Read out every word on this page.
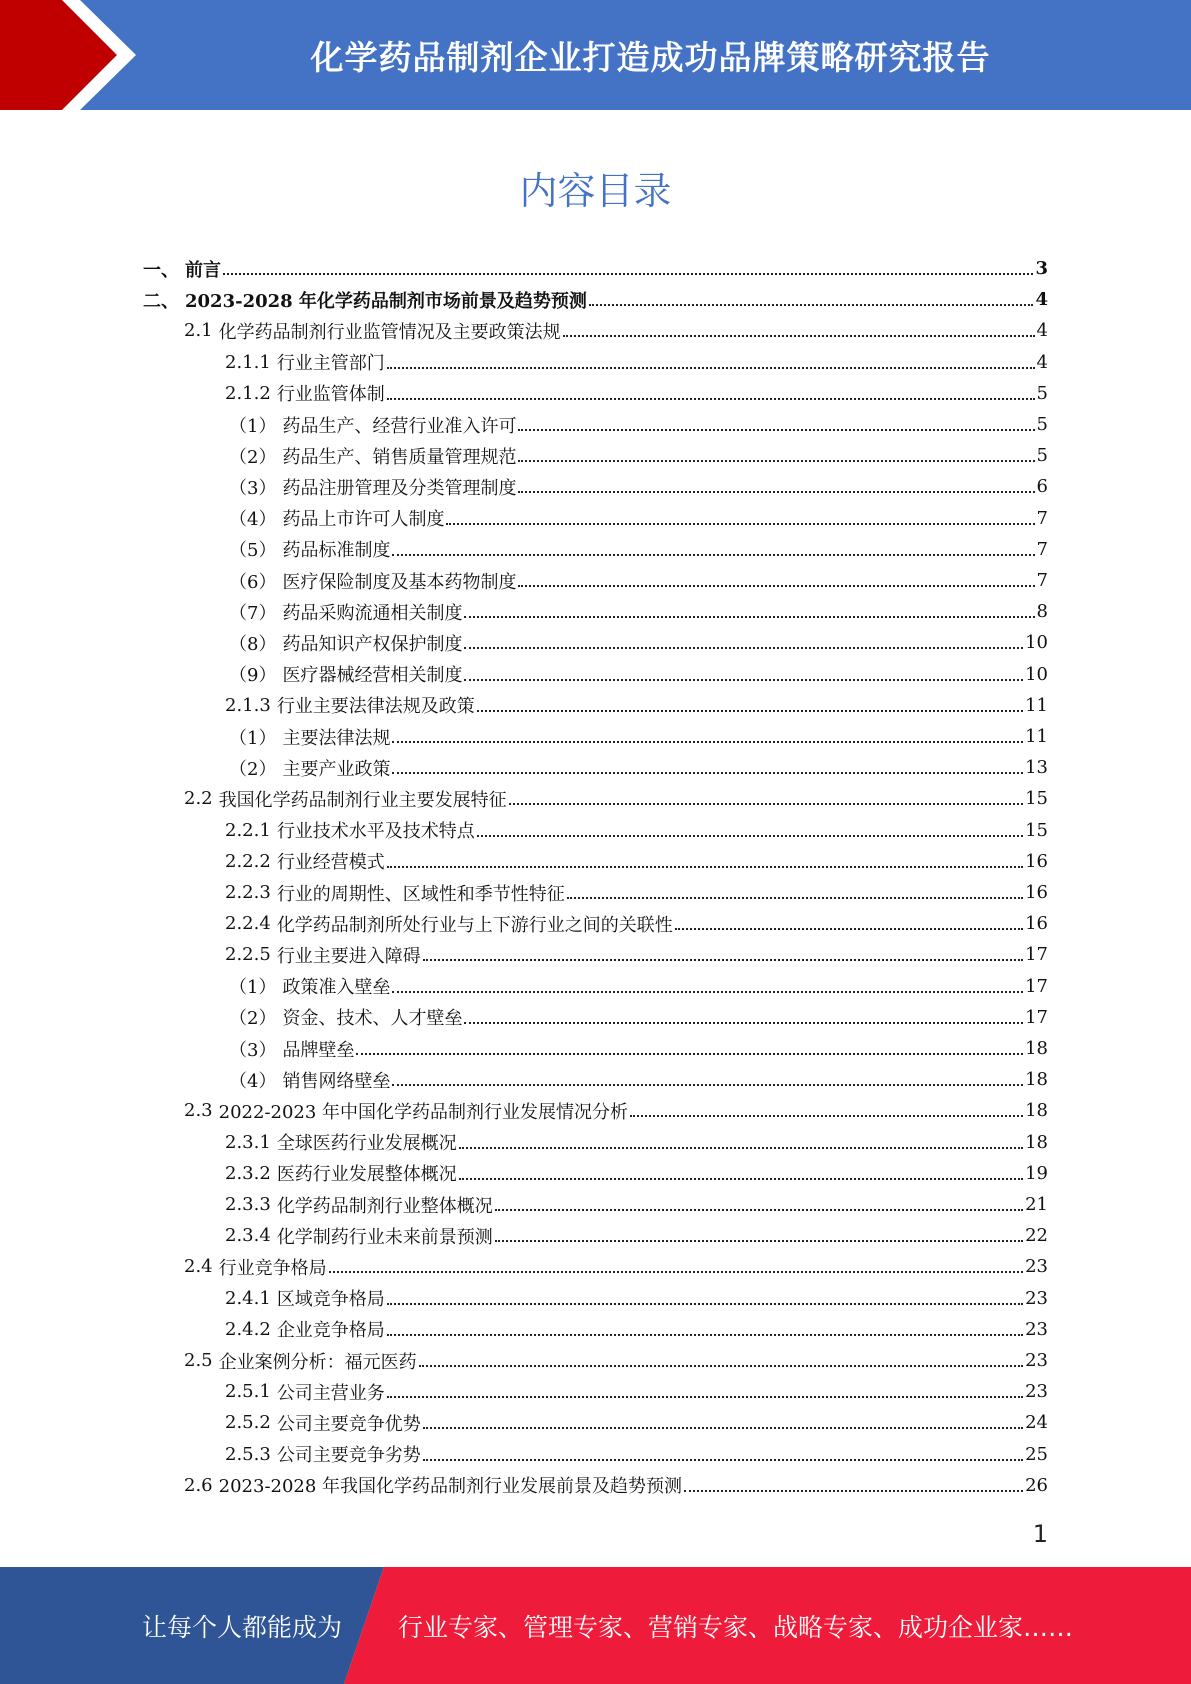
化学药品制剂企业打造成功品牌策略研究报告
内容目录
一、 前言	3
二、 2023-2028 年化学药品制剂市场前景及趋势预测	4
2.1 化学药品制剂行业监管情况及主要政策法规	4
2.1.1 行业主管部门	4
2.1.2 行业监管体制	5
（1） 药品生产、经营行业准入许可	5
（2） 药品生产、销售质量管理规范	5
（3） 药品注册管理及分类管理制度	6
（4） 药品上市许可人制度	7
（5） 药品标准制度	7
（6） 医疗保险制度及基本药物制度	7
（7） 药品采购流通相关制度	8
（8） 药品知识产权保护制度	10
（9） 医疗器械经营相关制度	10
2.1.3 行业主要法律法规及政策	11
（1） 主要法律法规	11
（2） 主要产业政策	13
2.2 我国化学药品制剂行业主要发展特征	15
2.2.1 行业技术水平及技术特点	15
2.2.2 行业经营模式	16
2.2.3 行业的周期性、区域性和季节性特征	16
2.2.4 化学药品制剂所处行业与上下游行业之间的关联性	16
2.2.5 行业主要进入障碍	17
（1） 政策准入壁垒	17
（2） 资金、技术、人才壁垒	17
（3） 品牌壁垒	18
（4） 销售网络壁垒	18
2.3 2022-2023 年中国化学药品制剂行业发展情况分析	18
2.3.1 全球医药行业发展概况	18
2.3.2 医药行业发展整体概况	19
2.3.3 化学药品制剂行业整体概况	21
2.3.4 化学制药行业未来前景预测	22
2.4 行业竞争格局	23
2.4.1 区域竞争格局	23
2.4.2 企业竞争格局	23
2.5 企业案例分析：福元医药	23
2.5.1 公司主营业务	23
2.5.2 公司主要竞争优势	24
2.5.3 公司主要竞争劣势	25
2.6 2023-2028 年我国化学药品制剂行业发展前景及趋势预测	26
1
让每个人都能成为 行业专家、管理专家、营销专家、战略专家、成功企业家……
